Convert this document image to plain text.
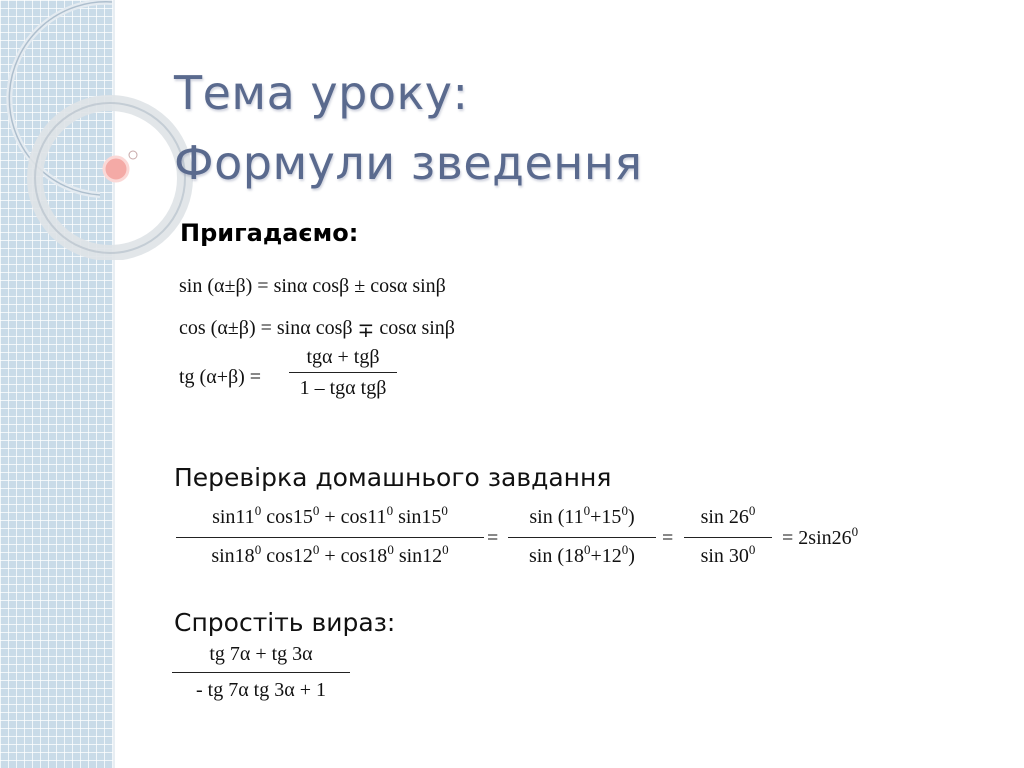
Тема уроку:
Формули зведення
Пригадаємо:
sin (α±β) = sinα cosβ ± cosα sinβ
cos (α±β) = sinα cosβ ∓ cosα sinβ
tg (α+β) =
tgα + tgβ
1 – tgα tgβ
Перевірка домашнього завдання
$\sin 11^0$ $\cos 15^0 + \cos 11^0$ $\sin 15^0$
$\sin 18^0$ $\cos 12^0 + \cos 18^0$ $\sin 12^0$
=
$\sin (11^0+15^0)$
$\sin (18^0+12^0)$
=
$\sin 26^0$
$\sin 30^0$
= $2\sin 26^0$
Спростіть вираз:
tg 7α + tg 3α
- tg 7α tg 3α + 1
